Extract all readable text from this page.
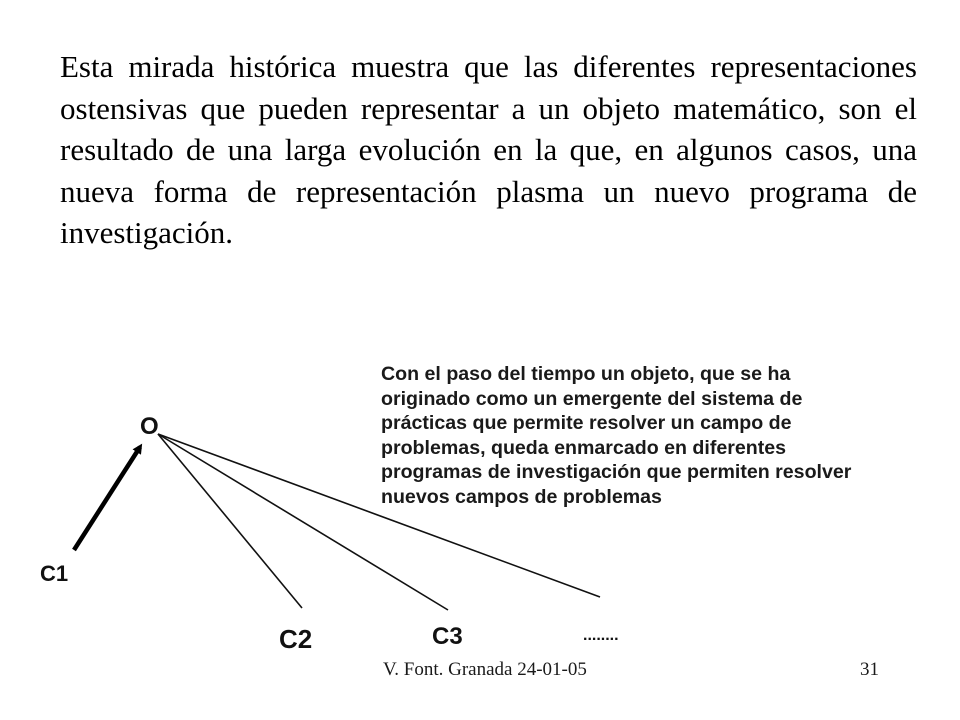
Esta mirada histórica muestra que las diferentes representaciones ostensivas que pueden representar a un objeto matemático, son el resultado de una larga evolución en la que, en algunos casos, una nueva forma de representación plasma un nuevo programa de investigación.

O
C1
C2	C3	........
Con el paso del tiempo un objeto, que se ha
originado como un emergente del sistema de
prácticas que permite resolver un campo de
problemas, queda enmarcado en diferentes
programas de investigación que permiten resolver
nuevos campos de problemas
V. Font. Granada 24-01-05	31
